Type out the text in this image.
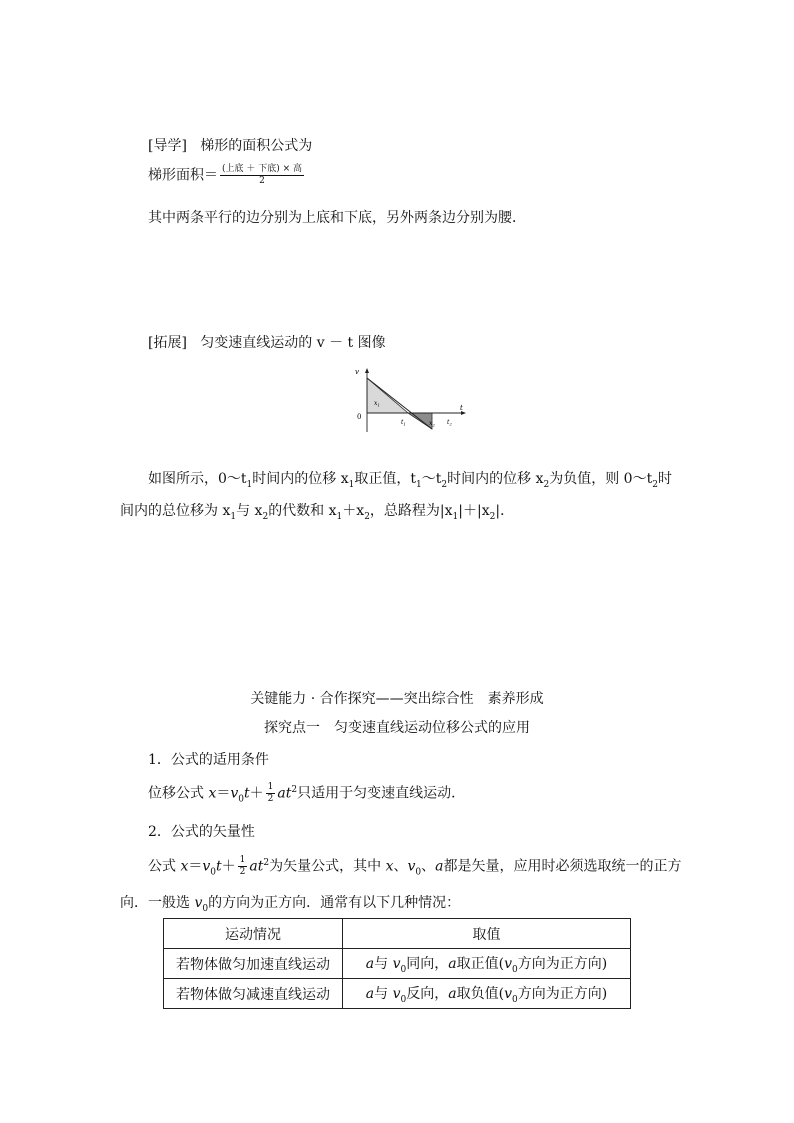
[导学] 梯形的面积公式为
梯形面积＝ $\frac{\text{(上底 ＋ 下底) × 高}}{2}$
其中两条平行的边分别为上底和下底，另外两条边分别为腰．
[拓展] 匀变速直线运动的 v － t 图像
v
t
0
$x_1$
$x_2$
$t_1$	$t_2$
如图所示，$0\sim t_1$时间内的位移 $x_1$取正值，$t_1\sim t_2$时间内的位移 $x_2$为负值，则 $0\sim t_2$时
间内的总位移为 $x_1$与 $x_2$的代数和 $x_1+x_2$，总路程为$|x_1|+|x_2|$．
关键能力 · 合作探究——突出综合性　素养形成
探究点一　匀变速直线运动位移公式的应用
1．公式的适用条件
位移公式 $x=v_0t+ \frac{1}{2} at^2$只适用于匀变速直线运动．
2．公式的矢量性
公式 $x=v_0t+ \frac{1}{2} at^2$为矢量公式，其中 x、$v_0$、a都是矢量，应用时必须选取统一的正方
向．一般选 $v_0$的方向为正方向．通常有以下几种情况：
运动情况	取值
若物体做匀加速直线运动	a与 $v_0$同向，a取正值($v_0$方向为正方向)
若物体做匀减速直线运动	a与 $v_0$反向，a取负值($v_0$方向为正方向)
